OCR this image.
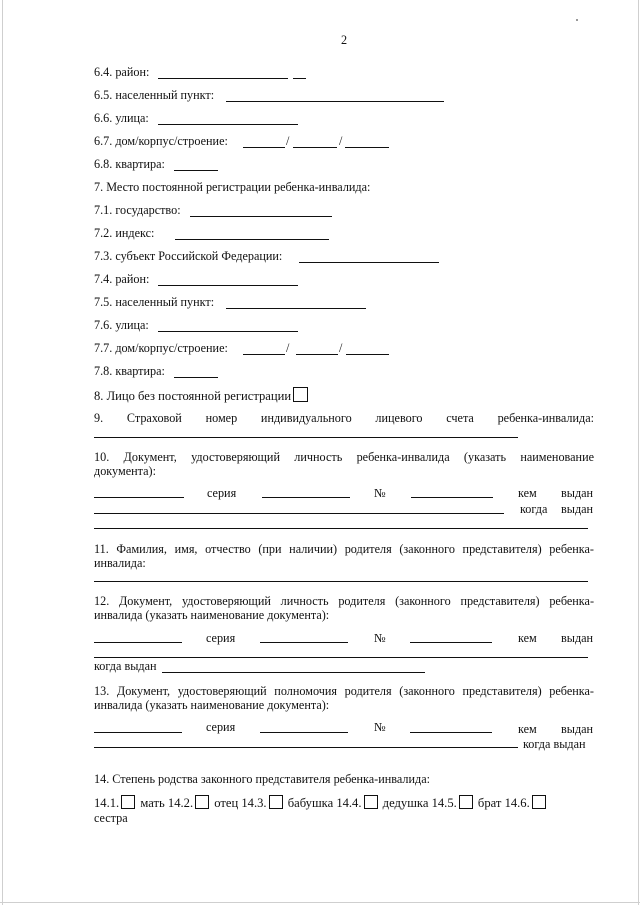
2
6.4. район:
6.5. населенный пункт:
6.6. улица:
6.7. дом/корпус/строение:	/	/
6.8. квартира:
7. Место постоянной регистрации ребенка-инвалида:
7.1. государство:
7.2. индекс:
7.3. субъект Российской Федерации:
7.4. район:
7.5. населенный пункт:
7.6. улица:
7.7. дом/корпус/строение:	/	/
7.8. квартира:
8. Лицо без постоянной регистрации
9. Страховой номер индивидуального лицевого счета ребенка-инвалида:
10. Документ, удостоверяющий личность ребенка-инвалида (указать наименование
документа):
серия	№	кем выдан
когда выдан
11. Фамилия, имя, отчество (при наличии) родителя (законного представителя) ребенка-
инвалида:
12. Документ, удостоверяющий личность родителя (законного представителя) ребенка-
инвалида (указать наименование документа):
серия	№	кем выдан
когда выдан
13. Документ, удостоверяющий полномочия родителя (законного представителя) ребенка-
инвалида (указать наименование документа):
серия	№	кем выдан
когда выдан
14. Степень родства законного представителя ребенка-инвалида:
14.1. мать 14.2. отец 14.3. бабушка 14.4. дедушка 14.5. брат 14.6.
сестра
